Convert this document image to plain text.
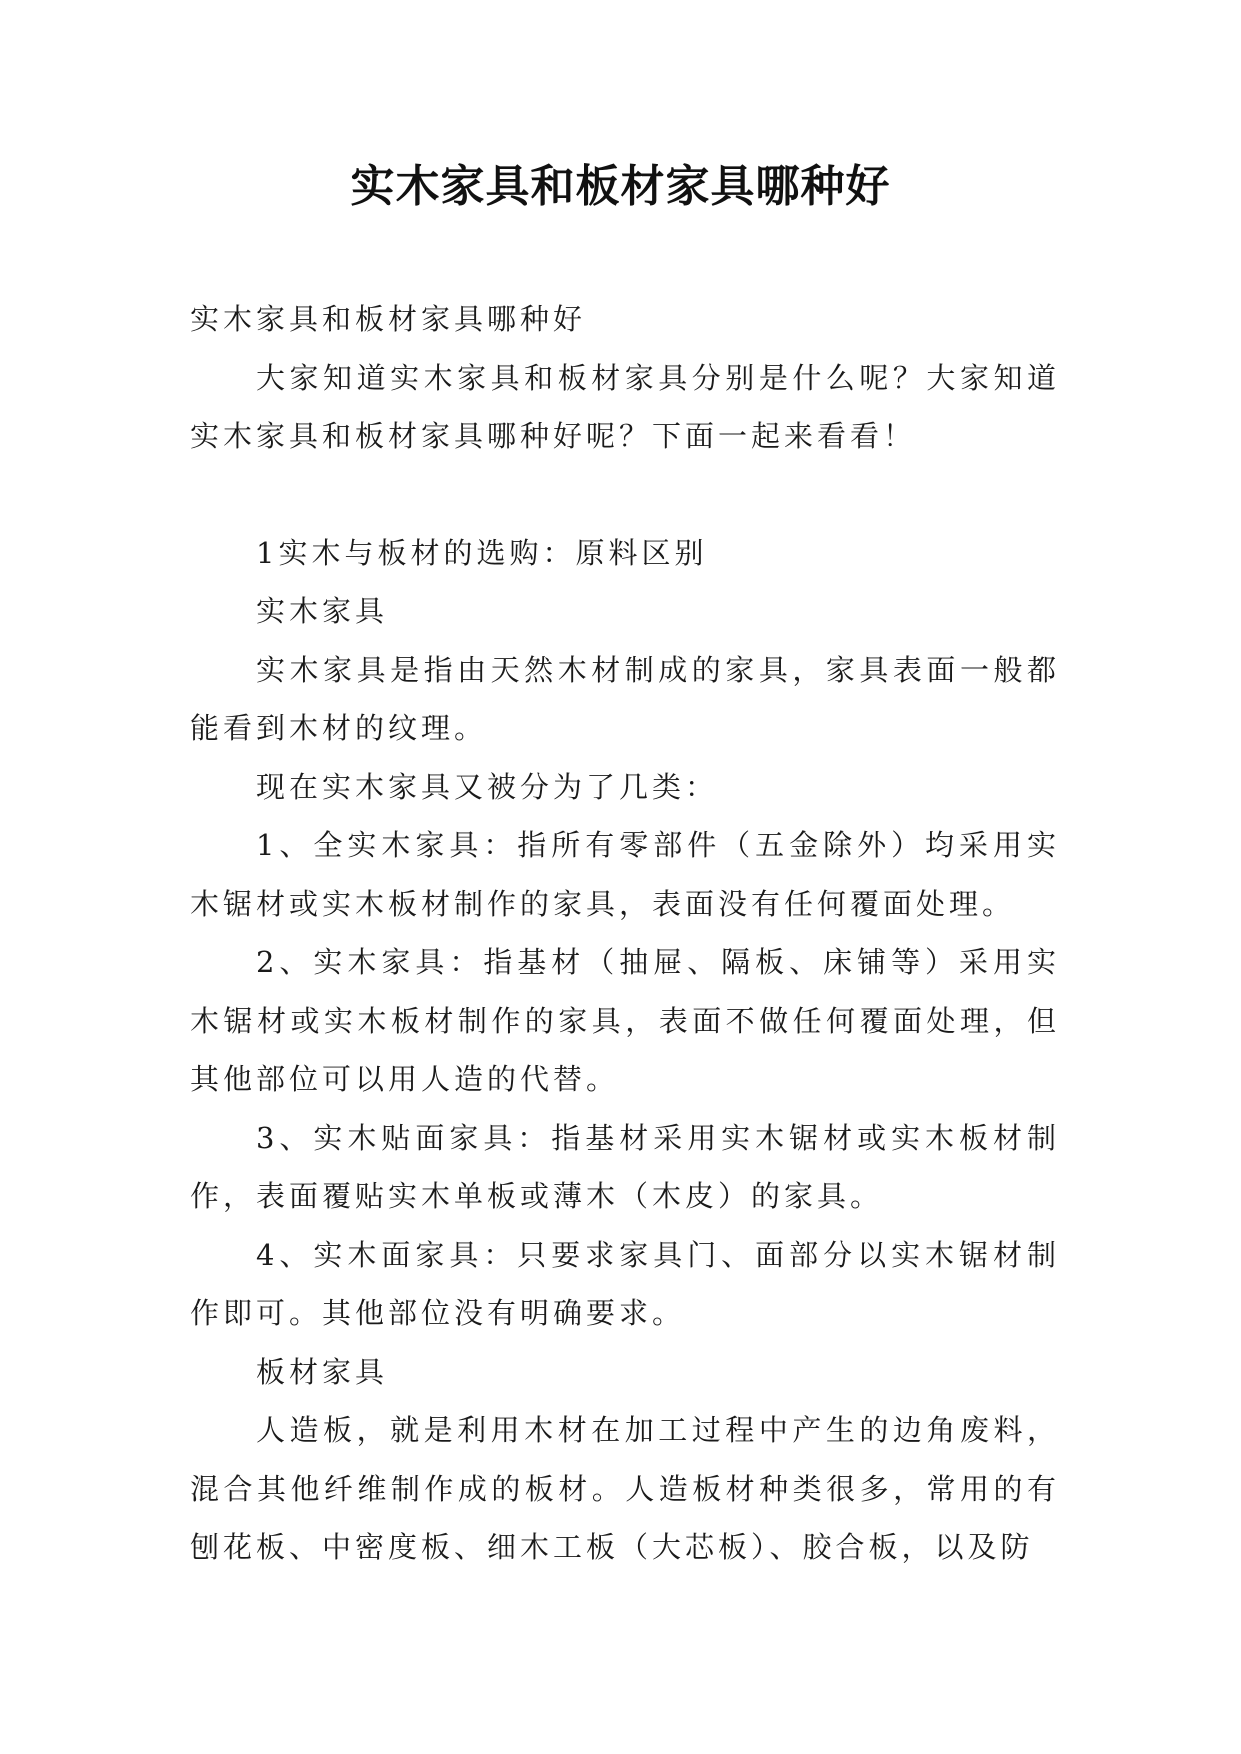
实木家具和板材家具哪种好

实木家具和板材家具哪种好

大家知道实木家具和板材家具分别是什么呢？大家知道实木家具和板材家具哪种好呢？下面一起来看看！

1实木与板材的选购：原料区别

实木家具

实木家具是指由天然木材制成的家具，家具表面一般都能看到木材的纹理。

现在实木家具又被分为了几类：

1、全实木家具：指所有零部件（五金除外）均采用实木锯材或实木板材制作的家具，表面没有任何覆面处理。

2、实木家具：指基材（抽屉、隔板、床铺等）采用实木锯材或实木板材制作的家具，表面不做任何覆面处理，但其他部位可以用人造的代替。

3、实木贴面家具：指基材采用实木锯材或实木板材制作，表面覆贴实木单板或薄木（木皮）的家具。

4、实木面家具：只要求家具门、面部分以实木锯材制作即可。其他部位没有明确要求。

板材家具

人造板，就是利用木材在加工过程中产生的边角废料，混合其他纤维制作成的板材。人造板材种类很多，常用的有刨花板、中密度板、细木工板（大芯板）、胶合板，以及防
